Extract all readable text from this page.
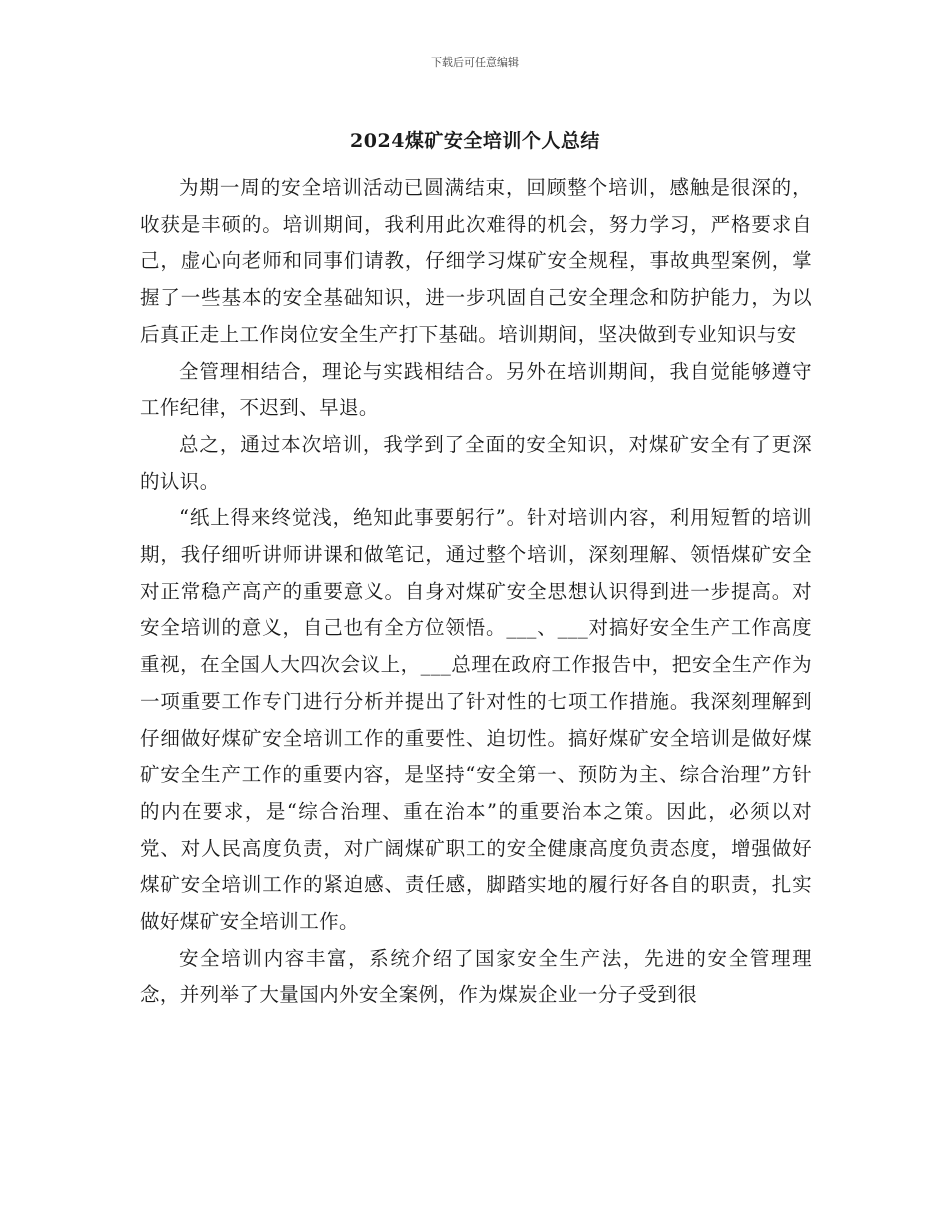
下载后可任意编辑
2024煤矿安全培训个人总结

为期一周的安全培训活动已圆满结束，回顾整个培训，感触是很深的，收获是丰硕的。培训期间，我利用此次难得的机会，努力学习，严格要求自己，虚心向老师和同事们请教，仔细学习煤矿安全规程，事故典型案例，掌握了一些基本的安全基础知识，进一步巩固自己安全理念和防护能力，为以后真正走上工作岗位安全生产打下基础。培训期间，坚决做到专业知识与安

全管理相结合，理论与实践相结合。另外在培训期间，我自觉能够遵守工作纪律，不迟到、早退。

总之，通过本次培训，我学到了全面的安全知识，对煤矿安全有了更深的认识。

“纸上得来终觉浅，绝知此事要躬行”。针对培训内容，利用短暂的培训期，我仔细听讲师讲课和做笔记，通过整个培训，深刻理解、领悟煤矿安全对正常稳产高产的重要意义。自身对煤矿安全思想认识得到进一步提高。对安全培训的意义，自己也有全方位领悟。___、___对搞好安全生产工作高度重视，在全国人大四次会议上，___总理在政府工作报告中，把安全生产作为一项重要工作专门进行分析并提出了针对性的七项工作措施。我深刻理解到仔细做好煤矿安全培训工作的重要性、迫切性。搞好煤矿安全培训是做好煤矿安全生产工作的重要内容，是坚持“安全第一、预防为主、综合治理”方针的内在要求，是“综合治理、重在治本”的重要治本之策。因此，必须以对党、对人民高度负责，对广阔煤矿职工的安全健康高度负责态度，增强做好煤矿安全培训工作的紧迫感、责任感，脚踏实地的履行好各自的职责，扎实做好煤矿安全培训工作。

安全培训内容丰富，系统介绍了国家安全生产法，先进的安全管理理念，并列举了大量国内外安全案例，作为煤炭企业一分子受到很
